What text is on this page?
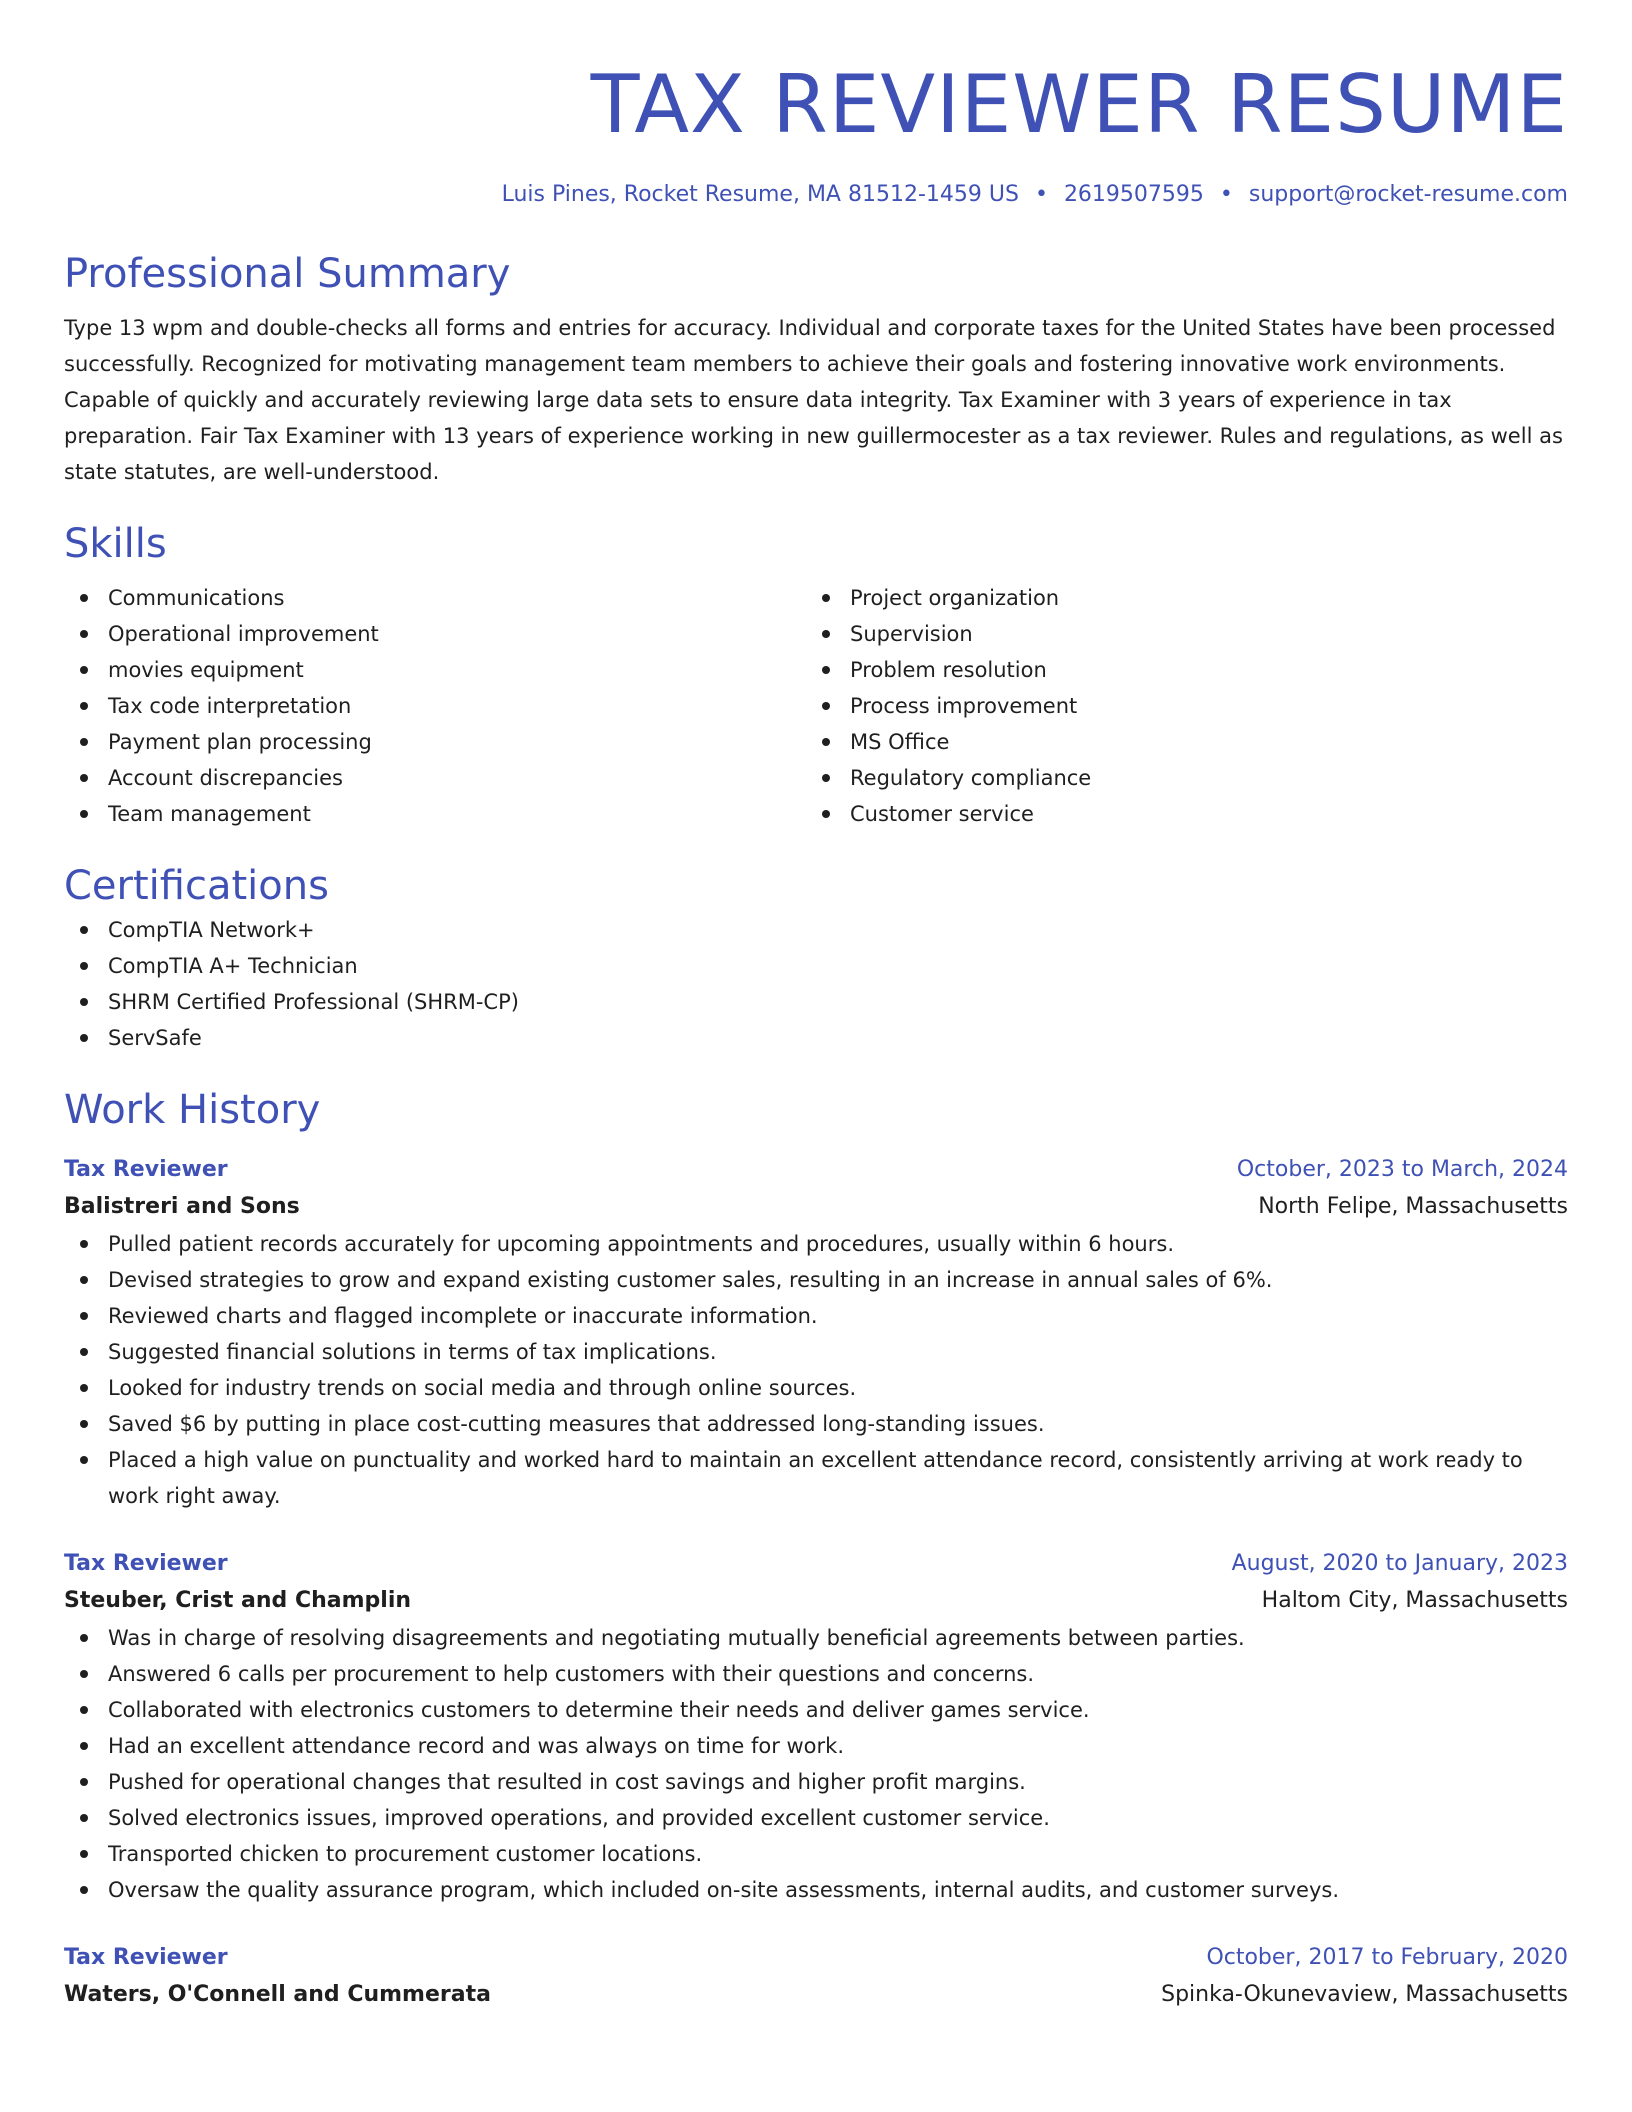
TAX REVIEWER RESUME
Luis Pines, Rocket Resume, MA 81512-1459 US • 2619507595 • support@rocket-resume.com
Professional Summary
Type 13 wpm and double-checks all forms and entries for accuracy. Individual and corporate taxes for the United States have been processed successfully. Recognized for motivating management team members to achieve their goals and fostering innovative work environments. Capable of quickly and accurately reviewing large data sets to ensure data integrity. Tax Examiner with 3 years of experience in tax preparation. Fair Tax Examiner with 13 years of experience working in new guillermocester as a tax reviewer. Rules and regulations, as well as state statutes, are well-understood.
Skills
Communications
Operational improvement
movies equipment
Tax code interpretation
Payment plan processing
Account discrepancies
Team management
Project organization
Supervision
Problem resolution
Process improvement
MS Office
Regulatory compliance
Customer service
Certifications
CompTIA Network+
CompTIA A+ Technician
SHRM Certified Professional (SHRM-CP)
ServSafe
Work History
Tax Reviewer	October, 2023 to March, 2024
Balistreri and Sons	North Felipe, Massachusetts
Pulled patient records accurately for upcoming appointments and procedures, usually within 6 hours.
Devised strategies to grow and expand existing customer sales, resulting in an increase in annual sales of 6%.
Reviewed charts and flagged incomplete or inaccurate information.
Suggested financial solutions in terms of tax implications.
Looked for industry trends on social media and through online sources.
Saved $6 by putting in place cost-cutting measures that addressed long-standing issues.
Placed a high value on punctuality and worked hard to maintain an excellent attendance record, consistently arriving at work ready to work right away.
Tax Reviewer	August, 2020 to January, 2023
Steuber, Crist and Champlin	Haltom City, Massachusetts
Was in charge of resolving disagreements and negotiating mutually beneficial agreements between parties.
Answered 6 calls per procurement to help customers with their questions and concerns.
Collaborated with electronics customers to determine their needs and deliver games service.
Had an excellent attendance record and was always on time for work.
Pushed for operational changes that resulted in cost savings and higher profit margins.
Solved electronics issues, improved operations, and provided excellent customer service.
Transported chicken to procurement customer locations.
Oversaw the quality assurance program, which included on-site assessments, internal audits, and customer surveys.
Tax Reviewer	October, 2017 to February, 2020
Waters, O'Connell and Cummerata	Spinka-Okunevaview, Massachusetts
